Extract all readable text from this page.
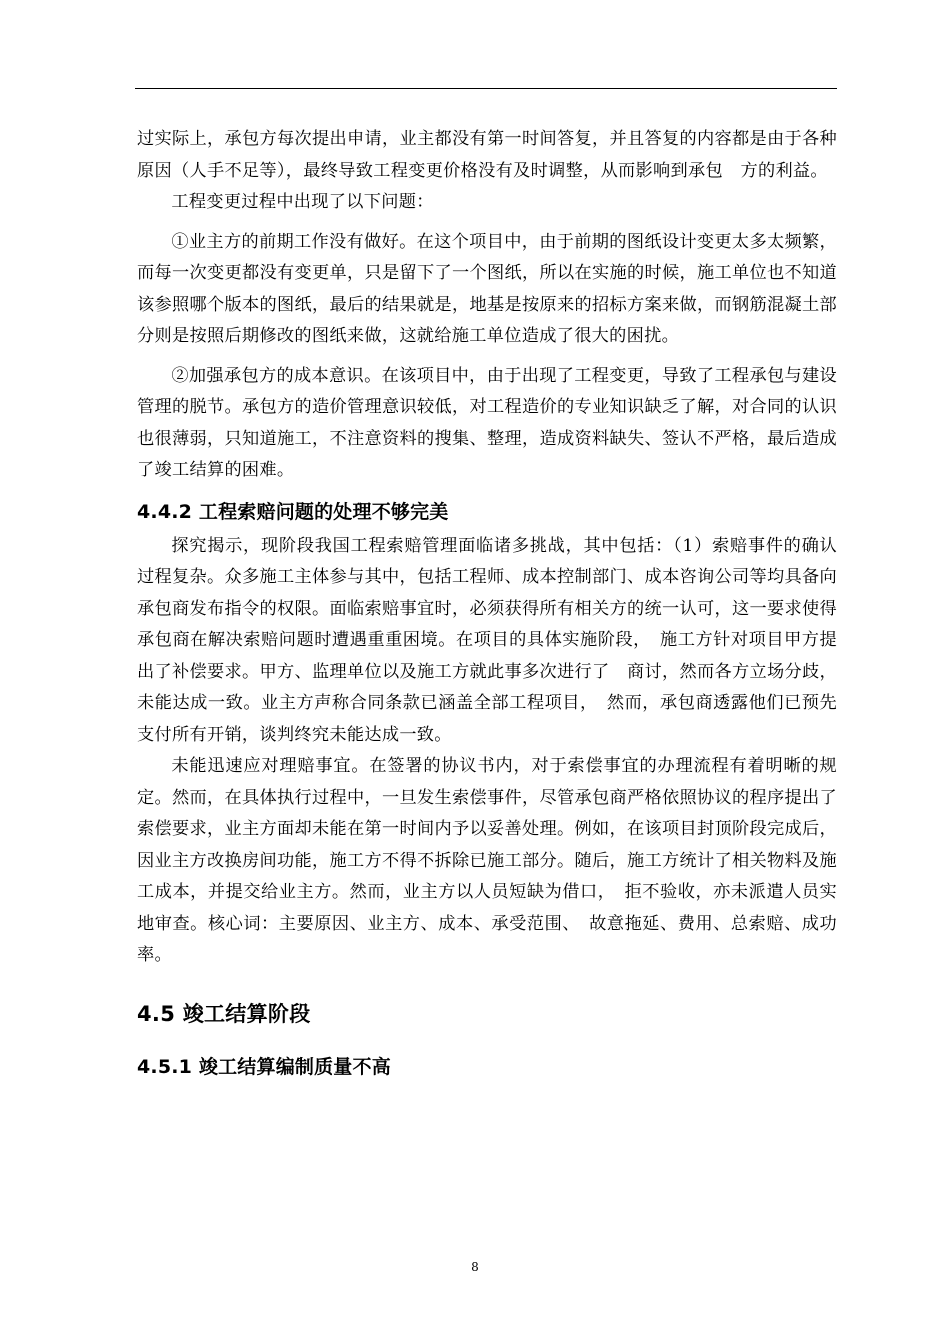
过实际上，承包方每次提出申请，业主都没有第一时间答复，并且答复的内容都是由于各种原因（人手不足等），最终导致工程变更价格没有及时调整，从而影响到承包　方的利益。

工程变更过程中出现了以下问题：

①业主方的前期工作没有做好。在这个项目中，由于前期的图纸设计变更太多太频繁，而每一次变更都没有变更单，只是留下了一个图纸，所以在实施的时候，施工单位也不知道该参照哪个版本的图纸，最后的结果就是，地基是按原来的招标方案来做，而钢筋混凝土部分则是按照后期修改的图纸来做，这就给施工单位造成了很大的困扰。

②加强承包方的成本意识。在该项目中，由于出现了工程变更，导致了工程承包与建设管理的脱节。承包方的造价管理意识较低，对工程造价的专业知识缺乏了解，对合同的认识也很薄弱，只知道施工，不注意资料的搜集、整理，造成资料缺失、签认不严格，最后造成了竣工结算的困难。

4.4.2 工程索赔问题的处理不够完美

探究揭示，现阶段我国工程索赔管理面临诸多挑战，其中包括：（1）索赔事件的确认过程复杂。众多施工主体参与其中，包括工程师、成本控制部门、成本咨询公司等均具备向承包商发布指令的权限。面临索赔事宜时，必须获得所有相关方的统一认可，这一要求使得承包商在解决索赔问题时遭遇重重困境。在项目的具体实施阶段，　施工方针对项目甲方提出了补偿要求。甲方、监理单位以及施工方就此事多次进行了　商讨，然而各方立场分歧，未能达成一致。业主方声称合同条款已涵盖全部工程项目，　然而，承包商透露他们已预先支付所有开销，谈判终究未能达成一致。

未能迅速应对理赔事宜。在签署的协议书内，对于索偿事宜的办理流程有着明晰的规定。然而，在具体执行过程中，一旦发生索偿事件，尽管承包商严格依照协议的程序提出了索偿要求，业主方面却未能在第一时间内予以妥善处理。例如，在该项目封顶阶段完成后，因业主方改换房间功能，施工方不得不拆除已施工部分。随后，施工方统计了相关物料及施工成本，并提交给业主方。然而，业主方以人员短缺为借口，　拒不验收，亦未派遣人员实地审查。核心词：主要原因、业主方、成本、承受范围、　故意拖延、费用、总索赔、成功率。

4.5 竣工结算阶段
4.5.1 竣工结算编制质量不高
8
